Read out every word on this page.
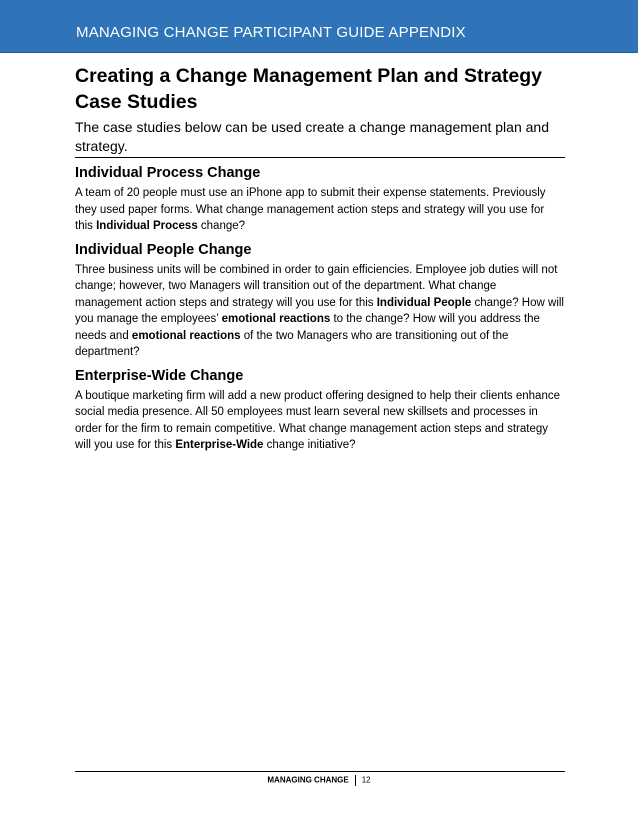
MANAGING CHANGE PARTICIPANT GUIDE APPENDIX
Creating a Change Management Plan and Strategy Case Studies

The case studies below can be used create a change management plan and strategy.

Individual Process Change

A team of 20 people must use an iPhone app to submit their expense statements. Previously they used paper forms. What change management action steps and strategy will you use for this Individual Process change?

Individual People Change

Three business units will be combined in order to gain efficiencies. Employee job duties will not change; however, two Managers will transition out of the department. What change management action steps and strategy will you use for this Individual People change? How will you manage the employees’ emotional reactions to the change? How will you address the needs and emotional reactions of the two Managers who are transitioning out of the department?

Enterprise-Wide Change

A boutique marketing firm will add a new product offering designed to help their clients enhance social media presence. All 50 employees must learn several new skillsets and processes in order for the firm to remain competitive. What change management action steps and strategy will you use for this Enterprise-Wide change initiative?

MANAGING CHANGE 12
